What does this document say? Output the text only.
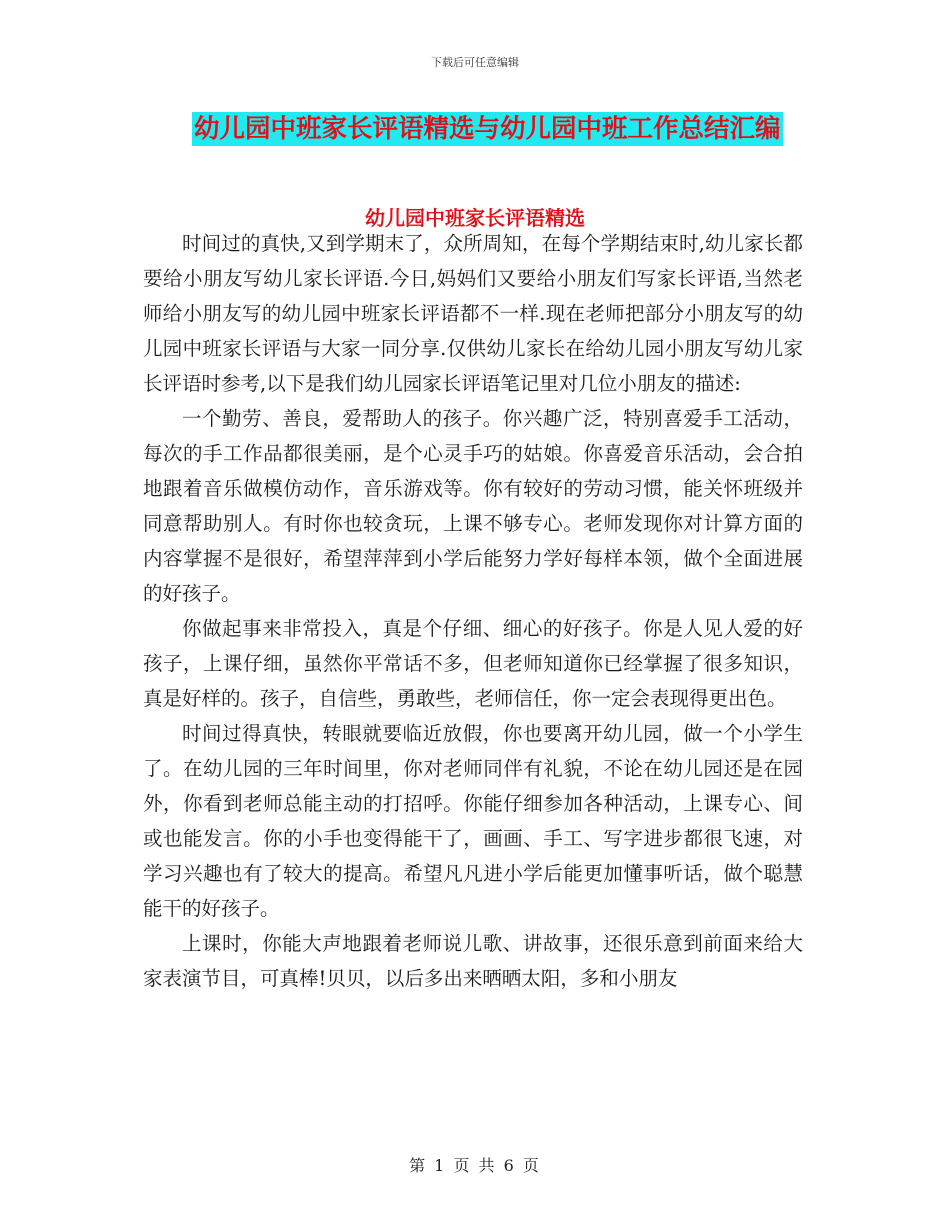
下载后可任意编辑
幼儿园中班家长评语精选与幼儿园中班工作总结汇编
幼儿园中班家长评语精选

时间过的真快,又到学期末了，众所周知，在每个学期结束时,幼儿家长都要给小朋友写幼儿家长评语.今日,妈妈们又要给小朋友们写家长评语,当然老师给小朋友写的幼儿园中班家长评语都不一样.现在老师把部分小朋友写的幼儿园中班家长评语与大家一同分享.仅供幼儿家长在给幼儿园小朋友写幼儿家长评语时参考,以下是我们幼儿园家长评语笔记里对几位小朋友的描述:

一个勤劳、善良，爱帮助人的孩子。你兴趣广泛，特别喜爱手工活动，每次的手工作品都很美丽，是个心灵手巧的姑娘。你喜爱音乐活动，会合拍地跟着音乐做模仿动作，音乐游戏等。你有较好的劳动习惯，能关怀班级并同意帮助别人。有时你也较贪玩，上课不够专心。老师发现你对计算方面的内容掌握不是很好，希望萍萍到小学后能努力学好每样本领，做个全面进展的好孩子。

你做起事来非常投入，真是个仔细、细心的好孩子。你是人见人爱的好孩子，上课仔细，虽然你平常话不多，但老师知道你已经掌握了很多知识，真是好样的。孩子，自信些，勇敢些，老师信任，你一定会表现得更出色。

时间过得真快，转眼就要临近放假，你也要离开幼儿园，做一个小学生了。在幼儿园的三年时间里，你对老师同伴有礼貌，不论在幼儿园还是在园外，你看到老师总能主动的打招呼。你能仔细参加各种活动，上课专心、间或也能发言。你的小手也变得能干了，画画、手工、写字进步都很飞速，对学习兴趣也有了较大的提高。希望凡凡进小学后能更加懂事听话，做个聪慧能干的好孩子。

上课时，你能大声地跟着老师说儿歌、讲故事，还很乐意到前面来给大家表演节目，可真棒!贝贝，以后多出来晒晒太阳，多和小朋友

第 1 页 共 6 页
